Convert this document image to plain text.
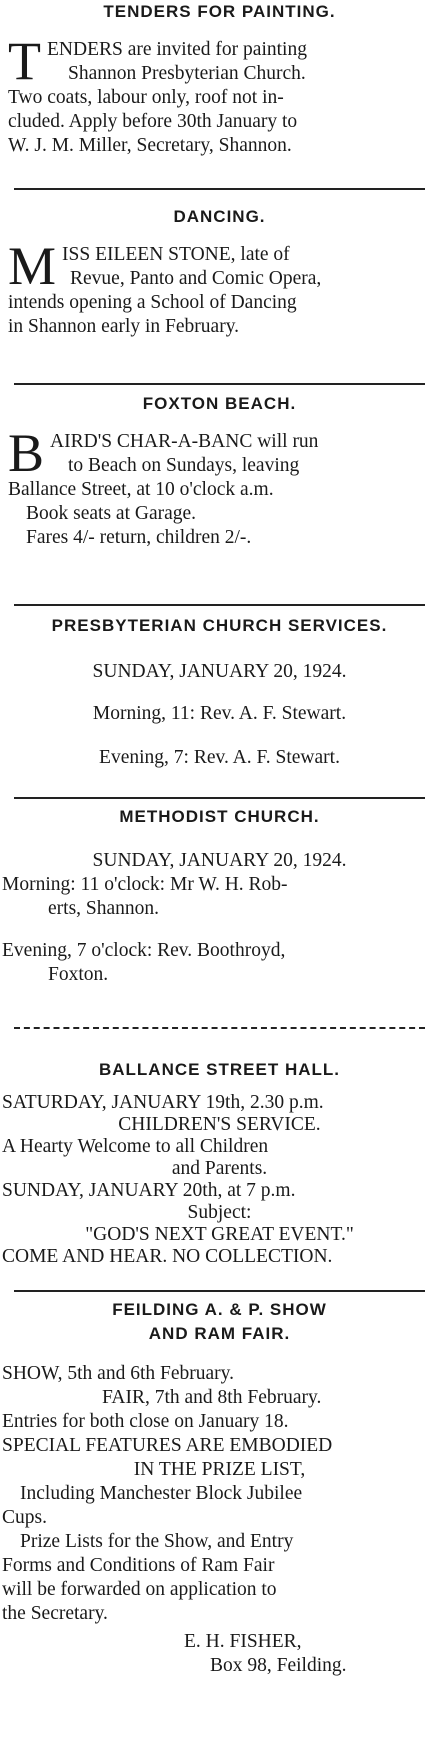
TENDERS FOR PAINTING.

T ENDERS are invited for painting

Shannon Presbyterian Church.

Two coats, labour only, roof not in-

cluded. Apply before 30th January to

W. J. M. Miller, Secretary, Shannon.

DANCING.

M ISS EILEEN STONE, late of

Revue, Panto and Comic Opera,

intends opening a School of Dancing

in Shannon early in February.

FOXTON BEACH.

B AIRD'S CHAR-A-BANC will run

to Beach on Sundays, leaving

Ballance Street, at 10 o'clock a.m.

Book seats at Garage.

Fares 4/- return, children 2/-.

PRESBYTERIAN CHURCH SERVICES.

SUNDAY, JANUARY 20, 1924.

Morning, 11: Rev. A. F. Stewart.

Evening, 7: Rev. A. F. Stewart.

METHODIST CHURCH.

SUNDAY, JANUARY 20, 1924.

Morning: 11 o'clock: Mr W. H. Rob-

erts, Shannon.

Evening, 7 o'clock: Rev. Boothroyd,

Foxton.

BALLANCE STREET HALL.

SATURDAY, JANUARY 19th, 2.30 p.m.

CHILDREN'S SERVICE.

A Hearty Welcome to all Children

and Parents.

SUNDAY, JANUARY 20th, at 7 p.m.

Subject:

"GOD'S NEXT GREAT EVENT."

COME AND HEAR. NO COLLECTION.

FEILDING A. & P. SHOW

AND RAM FAIR.

SHOW, 5th and 6th February.

FAIR, 7th and 8th February.

Entries for both close on January 18.

SPECIAL FEATURES ARE EMBODIED

IN THE PRIZE LIST,

Including Manchester Block Jubilee

Cups.

Prize Lists for the Show, and Entry

Forms and Conditions of Ram Fair

will be forwarded on application to

the Secretary.

E. H. FISHER,

Box 98, Feilding.
